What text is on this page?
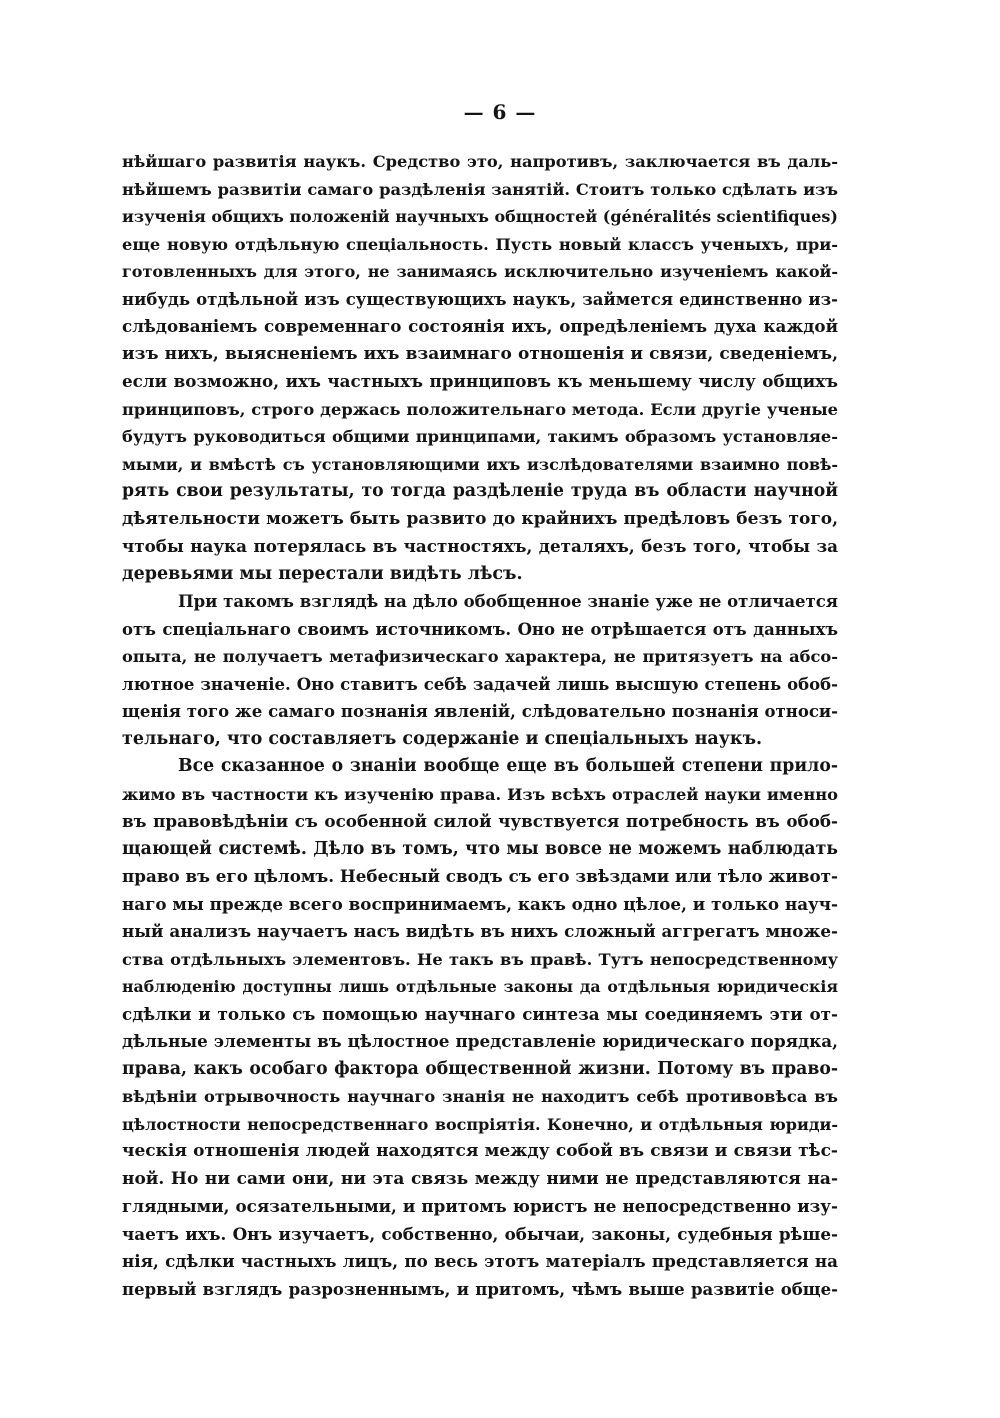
— 6 —
нѣйшаго развитія наукъ. Средство это, напротивъ, заключается въ даль-
нѣйшемъ развитіи самаго раздѣленія занятій. Стоитъ только сдѣлать изъ
изученія общихъ положеній научныхъ общностей (généralités scientifiques)
еще новую отдѣльную спеціальность. Пусть новый классъ ученыхъ, при-
готовленныхъ для этого, не занимаясь исключительно изученіемъ какой-
нибудь отдѣльной изъ существующихъ наукъ, займется единственно из-
слѣдованіемъ современнаго состоянія ихъ, опредѣленіемъ духа каждой
изъ нихъ, выясненіемъ ихъ взаимнаго отношенія и связи, сведеніемъ,
если возможно, ихъ частныхъ принциповъ къ меньшему числу общихъ
принциповъ, строго держась положительнаго метода. Если другіе ученые
будутъ руководиться общими принципами, такимъ образомъ установляе-
мыми, и вмѣстѣ съ установляющими ихъ изслѣдователями взаимно повѣ-
рять свои результаты, то тогда раздѣленіе труда въ области научной
дѣятельности можетъ быть развито до крайнихъ предѣловъ безъ того,
чтобы наука потерялась въ частностяхъ, деталяхъ, безъ того, чтобы за
деревьями мы перестали видѣть лѣсъ.
При такомъ взглядѣ на дѣло обобщенное знаніе уже не отличается
отъ спеціальнаго своимъ источникомъ. Оно не отрѣшается отъ данныхъ
опыта, не получаетъ метафизическаго характера, не притязуетъ на абсо-
лютное значеніе. Оно ставитъ себѣ задачей лишь высшую степень обоб-
щенія того же самаго познанія явленій, слѣдовательно познанія относи-
тельнаго, что составляетъ содержаніе и спеціальныхъ наукъ.
Все сказанное о знаніи вообще еще въ большей степени прило-
жимо въ частности къ изученію права. Изъ всѣхъ отраслей науки именно
въ правовѣдѣніи съ особенной силой чувствуется потребность въ обоб-
щающей системѣ. Дѣло въ томъ, что мы вовсе не можемъ наблюдать
право въ его цѣломъ. Небесный сводъ съ его звѣздами или тѣло живот-
наго мы прежде всего воспринимаемъ, какъ одно цѣлое, и только науч-
ный анализъ научаетъ насъ видѣть въ нихъ сложный аггрегатъ множе-
ства отдѣльныхъ элементовъ. Не такъ въ правѣ. Тутъ непосредственному
наблюденію доступны лишь отдѣльные законы да отдѣльныя юридическія
сдѣлки и только съ помощью научнаго синтеза мы соединяемъ эти от-
дѣльные элементы въ цѣлостное представленіе юридическаго порядка,
права, какъ особаго фактора общественной жизни. Потому въ право-
вѣдѣніи отрывочность научнаго знанія не находитъ себѣ противовѣса въ
цѣлостности непосредственнаго воспріятія. Конечно, и отдѣльныя юриди-
ческія отношенія людей находятся между собой въ связи и связи тѣс-
ной. Но ни сами они, ни эта связь между ними не представляются на-
глядными, осязательными, и притомъ юристъ не непосредственно изу-
чаетъ ихъ. Онъ изучаетъ, собственно, обычаи, законы, судебныя рѣше-
нія, сдѣлки частныхъ лицъ, по весь этотъ матеріалъ представляется на
первый взглядъ разрозненнымъ, и притомъ, чѣмъ выше развитіе обще-
